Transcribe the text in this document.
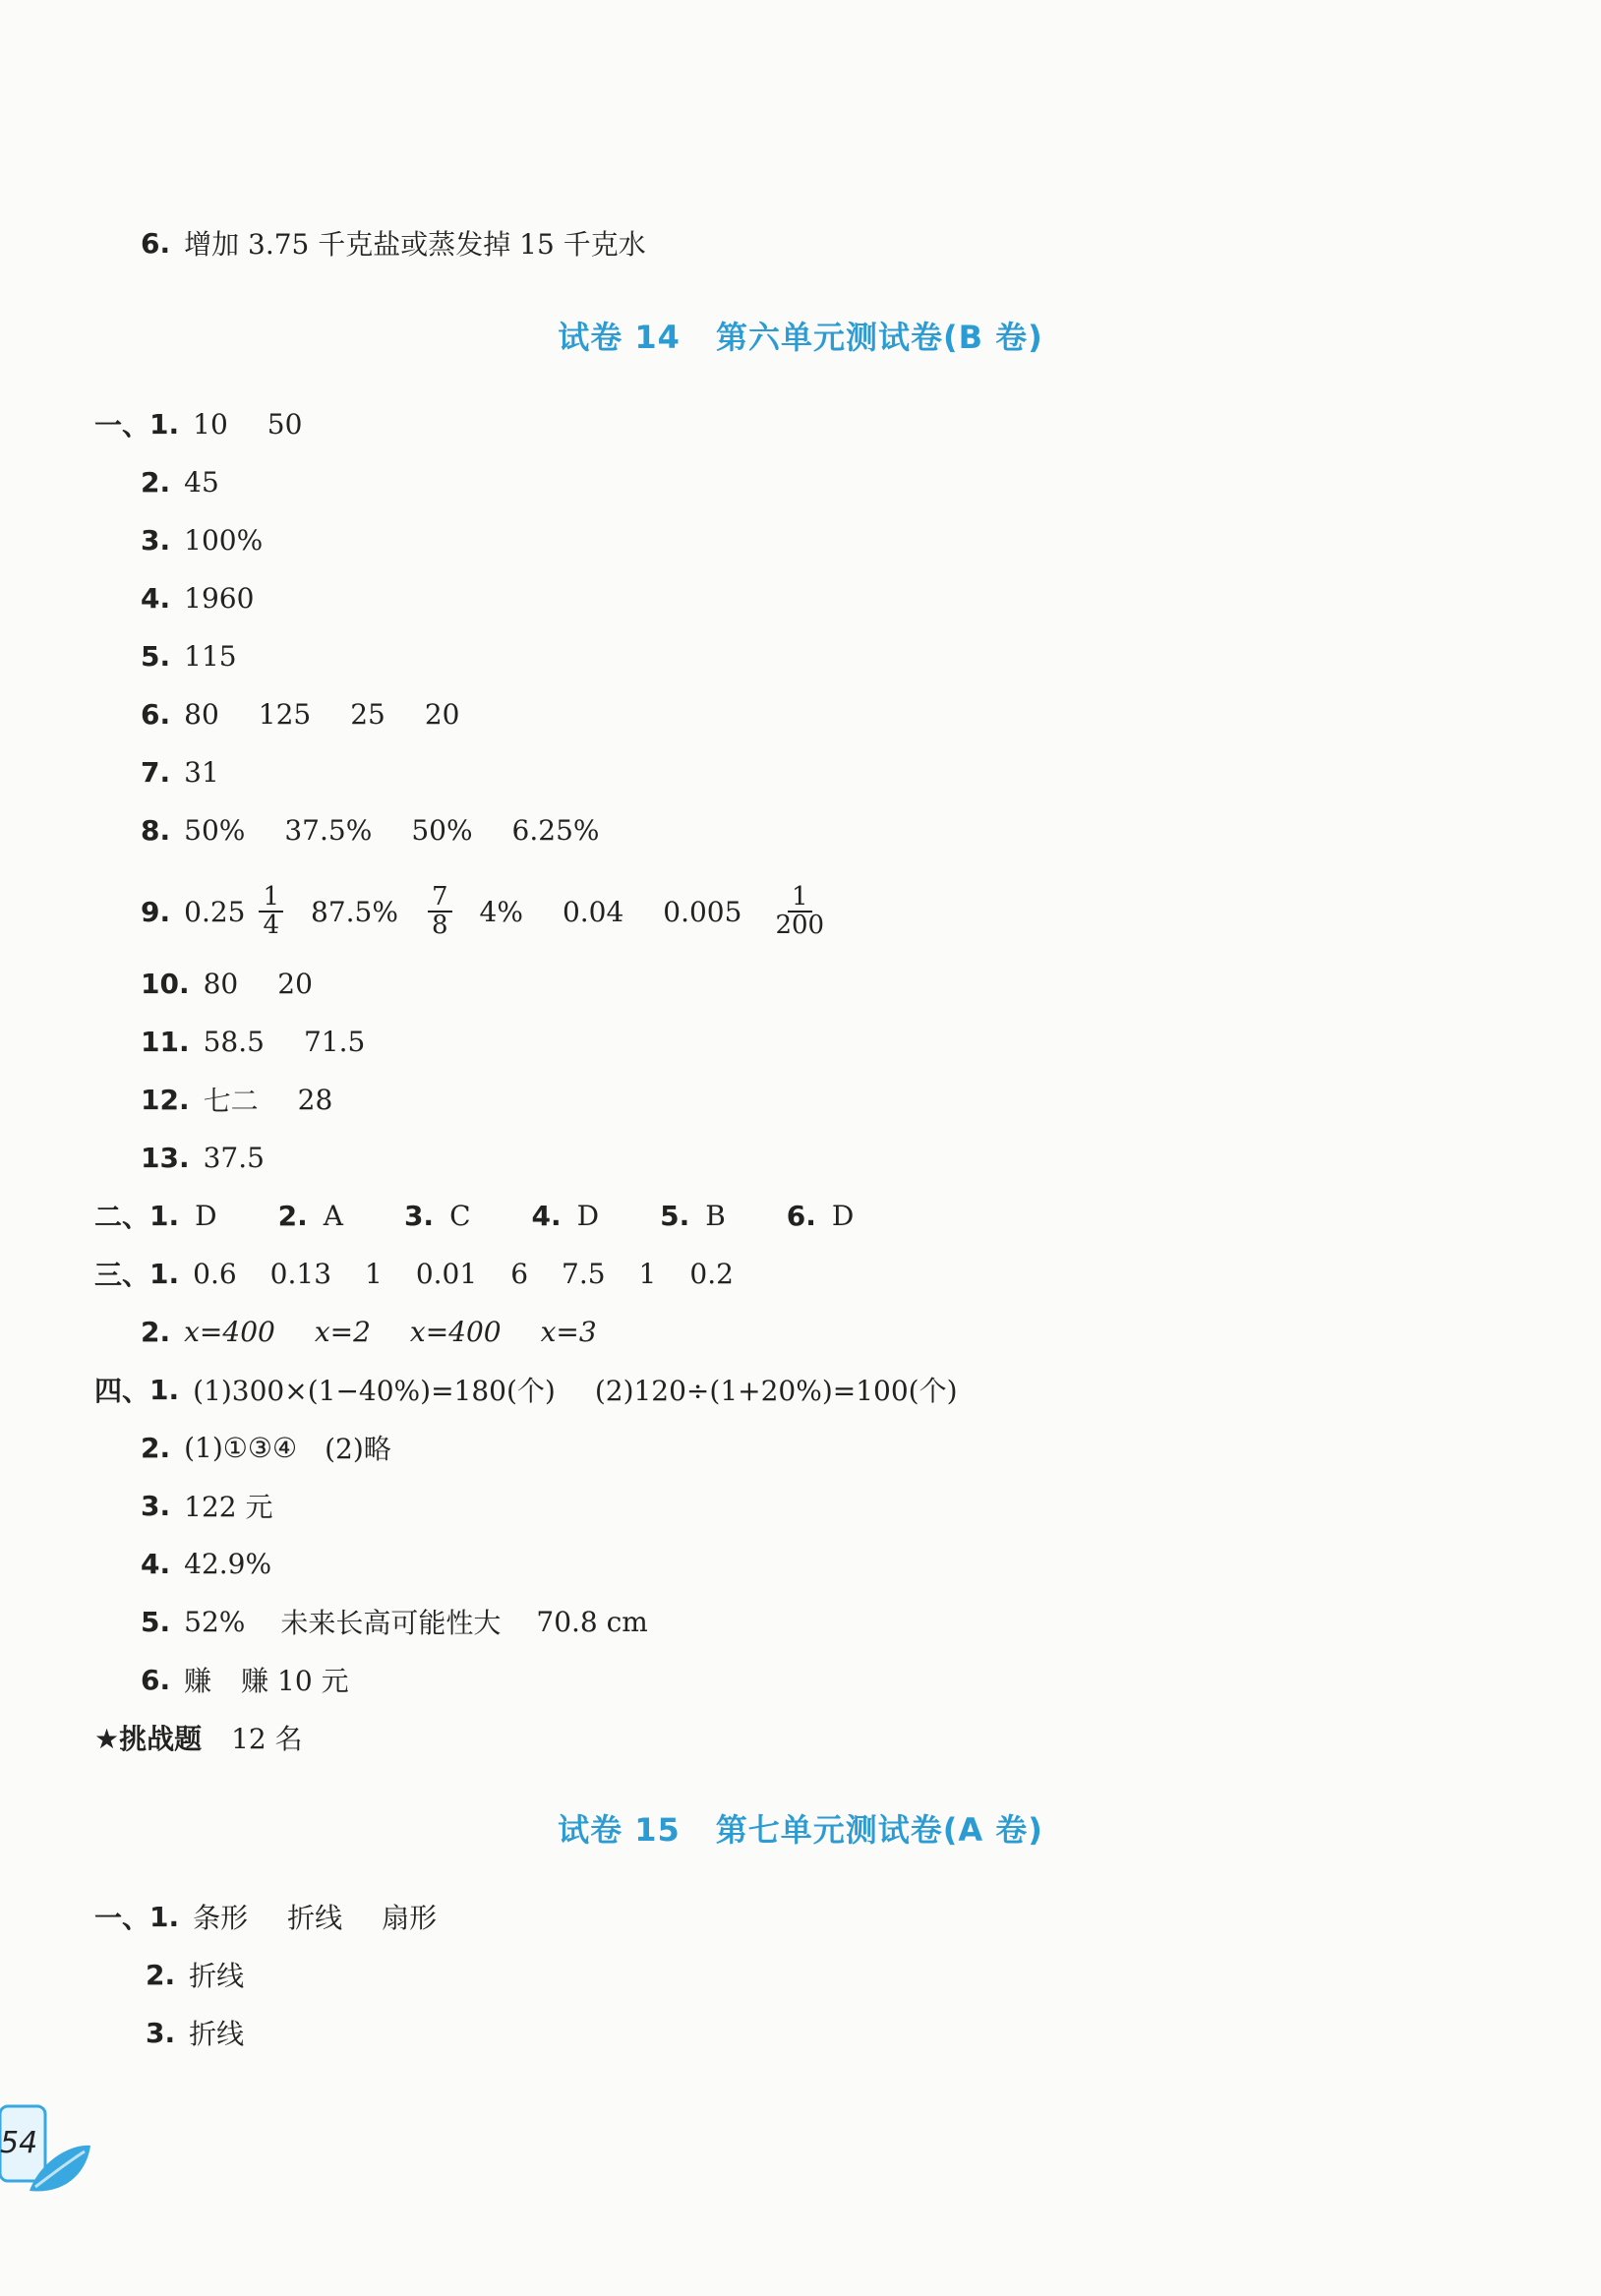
6. 增加 3.75 千克盐或蒸发掉 15 千克水
试卷 14 第六单元测试卷(B 卷)
一、 1. 10 50
2. 45
3. 100%
4. 1960
5. 115
6. 80 125 25 20
7. 31
8. 50% 37.5% 50% 6.25%
9. $0.25 \frac{1}{4} 87.5\% \frac{7}{8} 4\%$ 0.04 $0.005 \frac{1}{200}$
10. 80 20
11. 58.5 71.5
12. 七二 28
13. 37.5
二、 1. D 2. A 3. C 4. D 5. B 6. D
三、 1. 0.6 0.13 1 0.01 6 7.5 1 0.2
2. x=400 x=2 x=400 x=3
四、 1. (1)300×(1−40%)=180(个) (2)120÷(1+20%)=100(个)
2. (1)①③④ (2)略
3. 122 元
4. 42.9%
5. 52% 未来长高可能性大 70.8 cm
6. 赚 赚 10 元
★挑战题 12 名
试卷 15 第七单元测试卷(A 卷)
一、 1. 条形 折线 扇形
2. 折线
3. 折线
54
